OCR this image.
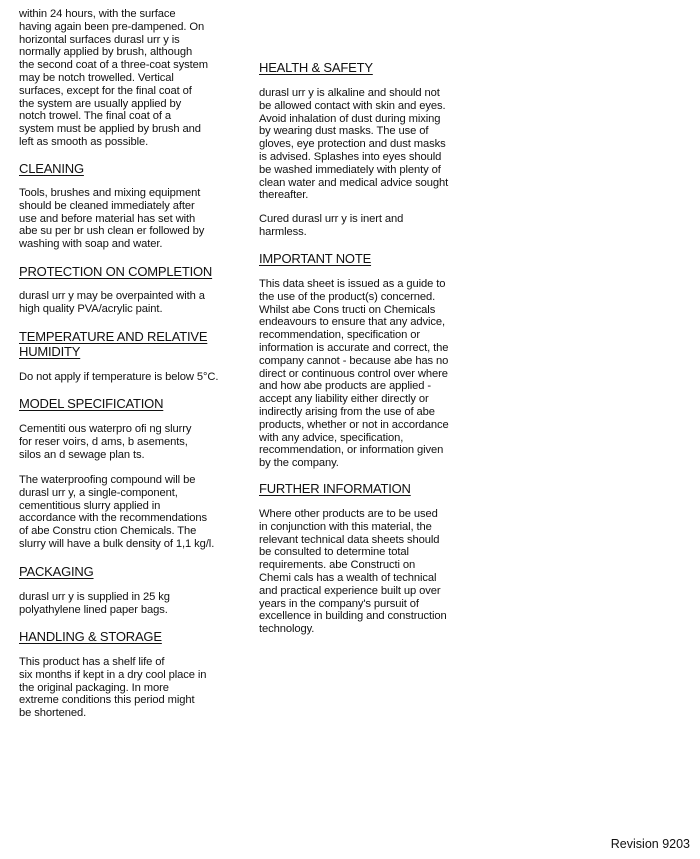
within 24 hours, with the surface
having again been pre-dampened. On
horizontal surfaces durasl urr y is
normally applied by brush, although
the second coat of a three-coat system
may be notch trowelled. Vertical
surfaces, except for the final coat of
the system are usually applied by
notch trowel. The final coat of a
system must be applied by brush and
left as smooth as possible.

CLEANING

Tools, brushes and mixing equipment
should be cleaned immediately after
use and before material has set with
abe su per br ush clean er followed by
washing with soap and water.

PROTECTION ON COMPLETION

durasl urr y may be overpainted with a
high quality PVA/acrylic paint.

TEMPERATURE AND RELATIVE
HUMIDITY

Do not apply if temperature is below 5°C.

MODEL SPECIFICATION

Cementiti ous waterpro ofi ng slurry
for reser voirs, d ams, b asements,
silos an d sewage plan ts.

The waterproofing compound will be
durasl urr y, a single-component,
cementitious slurry applied in
accordance with the recommendations
of abe Constru ction Chemicals. The
slurry will have a bulk density of 1,1 kg/l.

PACKAGING

durasl urr y is supplied in 25 kg
polyathylene lined paper bags.

HANDLING & STORAGE

This product has a shelf life of
six months if kept in a dry cool place in
the original packaging. In more
extreme conditions this period might
be shortened.

HEALTH & SAFETY

durasl urr y is alkaline and should not
be allowed contact with skin and eyes.
Avoid inhalation of dust during mixing
by wearing dust masks. The use of
gloves, eye protection and dust masks
is advised. Splashes into eyes should
be washed immediately with plenty of
clean water and medical advice sought
thereafter.

Cured durasl urr y is inert and
harmless.

IMPORTANT NOTE

This data sheet is issued as a guide to
the use of the product(s) concerned.
Whilst abe Cons tructi on Chemicals
endeavours to ensure that any advice,
recommendation, specification or
information is accurate and correct, the
company cannot - because abe has no
direct or continuous control over where
and how abe products are applied -
accept any liability either directly or
indirectly arising from the use of abe
products, whether or not in accordance
with any advice, specification,
recommendation, or information given
by the company.

FURTHER INFORMATION

Where other products are to be used
in conjunction with this material, the
relevant technical data sheets should
be consulted to determine total
requirements. abe Constructi on
Chemi cals has a wealth of technical
and practical experience built up over
years in the company's pursuit of
excellence in building and construction
technology.

Revision 9203
